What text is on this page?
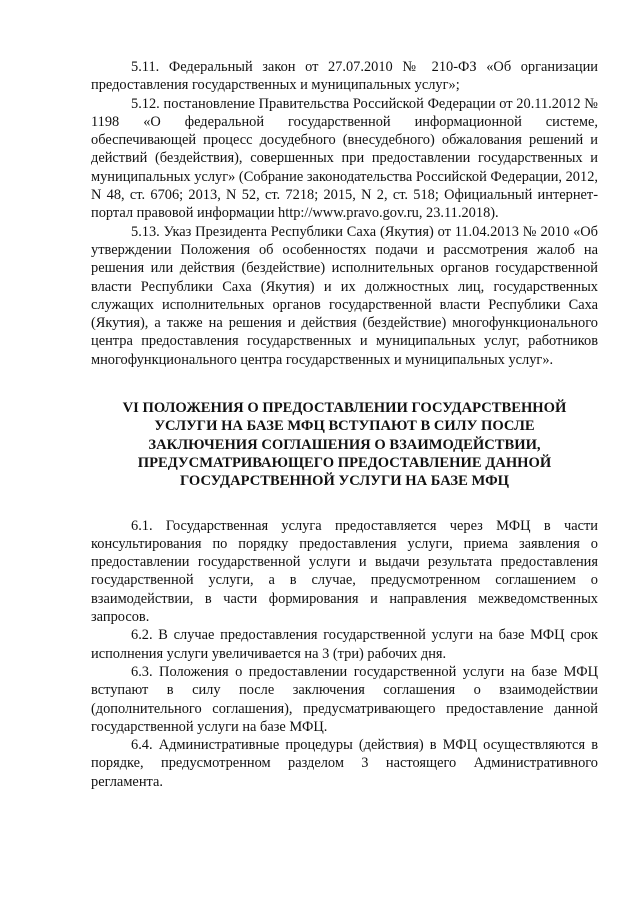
5.11. Федеральный закон от 27.07.2010 № 210-ФЗ «Об организации предоставления государственных и муниципальных услуг»;

5.12. постановление Правительства Российской Федерации от 20.11.2012 № 1198 «О федеральной государственной информационной системе, обеспечивающей процесс досудебного (внесудебного) обжалования решений и действий (бездействия), совершенных при предоставлении государственных и муниципальных услуг» (Собрание законодательства Российской Федерации, 2012, N 48, ст. 6706; 2013, N 52, ст. 7218; 2015, N 2, ст. 518; Официальный интернет-портал правовой информации http://www.pravo.gov.ru, 23.11.2018).

5.13. Указ Президента Республики Саха (Якутия) от 11.04.2013 № 2010 «Об утверждении Положения об особенностях подачи и рассмотрения жалоб на решения или действия (бездействие) исполнительных органов государственной власти Республики Саха (Якутия) и их должностных лиц, государственных служащих исполнительных органов государственной власти Республики Саха (Якутия), а также на решения и действия (бездействие) многофункционального центра предоставления государственных и муниципальных услуг, работников многофункционального центра государственных и муниципальных услуг».

VI ПОЛОЖЕНИЯ О ПРЕДОСТАВЛЕНИИ ГОСУДАРСТВЕННОЙ
УСЛУГИ НА БАЗЕ МФЦ ВСТУПАЮТ В СИЛУ ПОСЛЕ
ЗАКЛЮЧЕНИЯ СОГЛАШЕНИЯ О ВЗАИМОДЕЙСТВИИ,
ПРЕДУСМАТРИВАЮЩЕГО ПРЕДОСТАВЛЕНИЕ ДАННОЙ
ГОСУДАРСТВЕННОЙ УСЛУГИ НА БАЗЕ МФЦ

6.1. Государственная услуга предоставляется через МФЦ в части консультирования по порядку предоставления услуги, приема заявления о предоставлении государственной услуги и выдачи результата предоставления государственной услуги, а в случае, предусмотренном соглашением о взаимодействии, в части формирования и направления межведомственных запросов.

6.2. В случае предоставления государственной услуги на базе МФЦ срок исполнения услуги увеличивается на 3 (три) рабочих дня.

6.3. Положения о предоставлении государственной услуги на базе МФЦ вступают в силу после заключения соглашения о взаимодействии (дополнительного соглашения), предусматривающего предоставление данной государственной услуги на базе МФЦ.

6.4. Административные процедуры (действия) в МФЦ осуществляются в порядке, предусмотренном разделом 3 настоящего Административного регламента.
